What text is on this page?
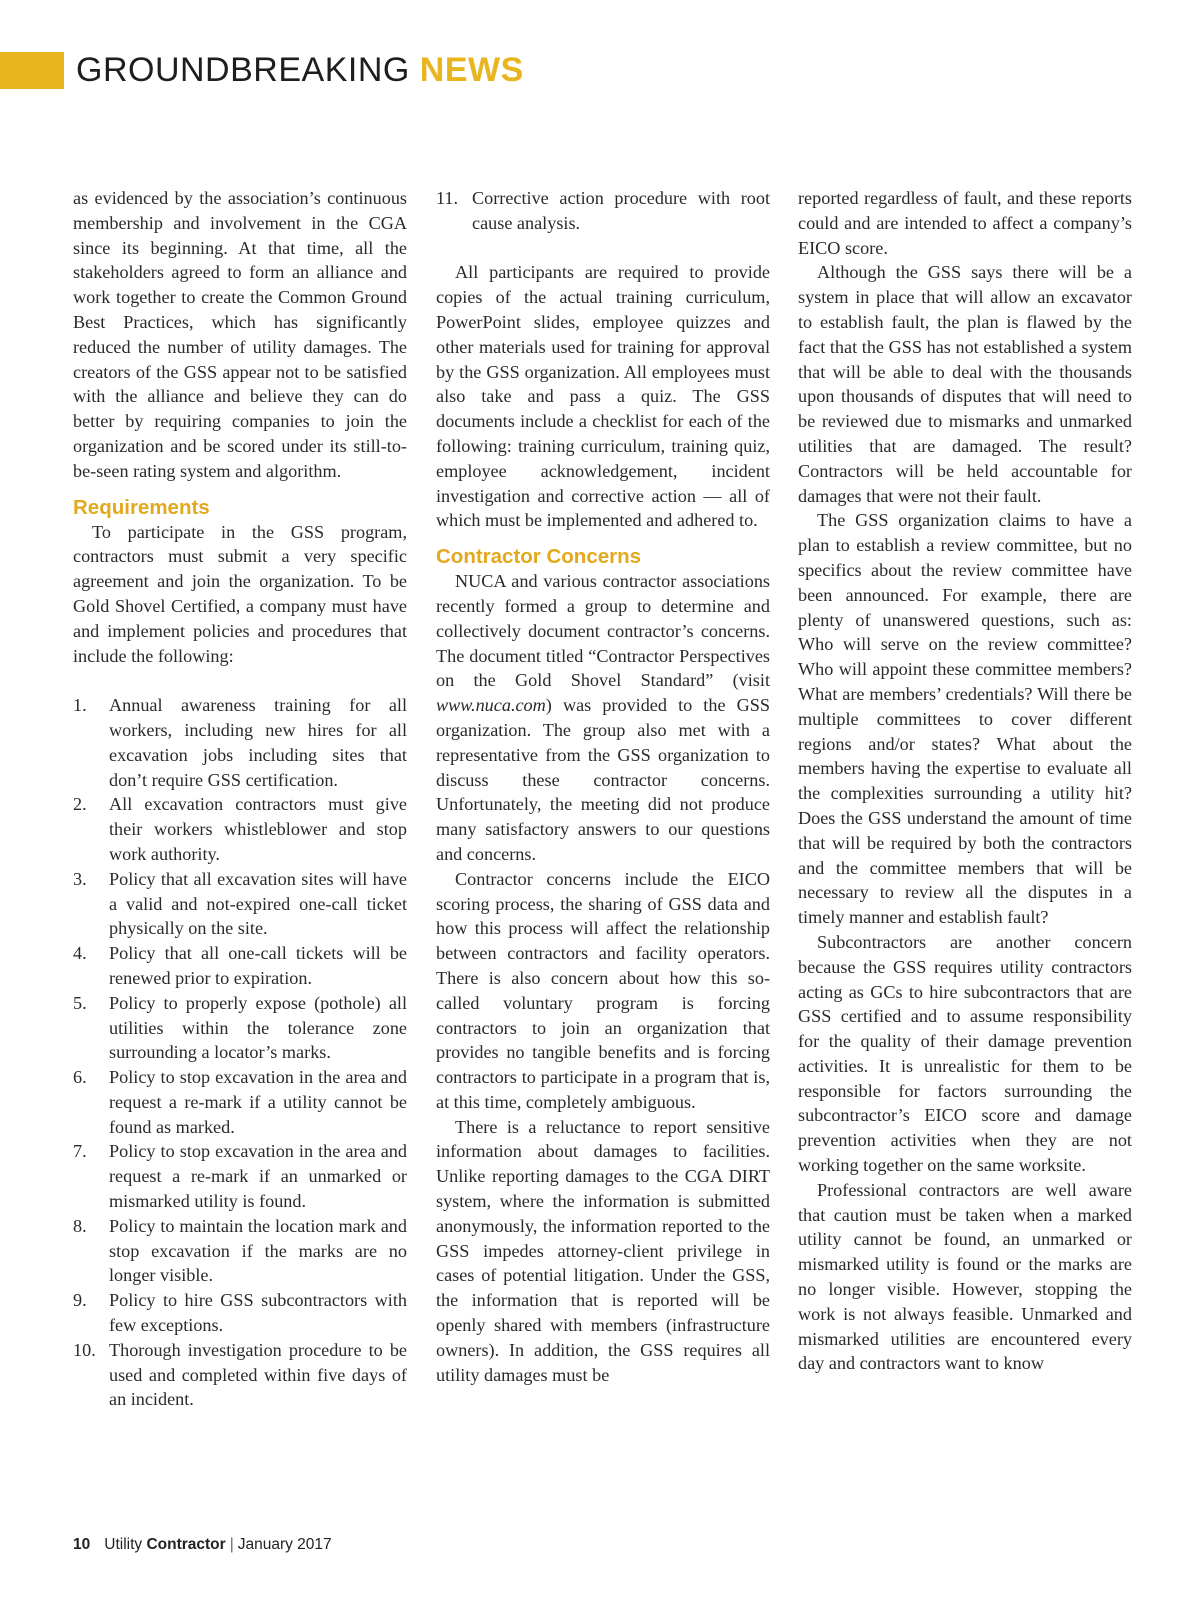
GROUNDBREAKING NEWS

as evidenced by the association’s continuous membership and involvement in the CGA since its beginning. At that time, all the stakeholders agreed to form an alliance and work together to create the Common Ground Best Practices, which has significantly reduced the number of utility damages. The creators of the GSS appear not to be satisfied with the alliance and believe they can do better by requiring companies to join the organization and be scored under its still-to-be-seen rating system and algorithm.

Requirements

To participate in the GSS program, contractors must submit a very specific agreement and join the organization. To be Gold Shovel Certified, a company must have and implement policies and procedures that include the following:

1. Annual awareness training for all workers, including new hires for all excavation jobs including sites that don’t require GSS certification.
2. All excavation contractors must give their workers whistleblower and stop work authority.
3. Policy that all excavation sites will have a valid and not-expired one-call ticket physically on the site.
4. Policy that all one-call tickets will be renewed prior to expiration.
5. Policy to properly expose (pothole) all utilities within the tolerance zone surrounding a locator’s marks.
6. Policy to stop excavation in the area and request a re-mark if a utility cannot be found as marked.
7. Policy to stop excavation in the area and request a re-mark if an unmarked or mismarked utility is found.
8. Policy to maintain the location mark and stop excavation if the marks are no longer visible.
9. Policy to hire GSS subcontractors with few exceptions.
10. Thorough investigation procedure to be used and completed within five days of an incident.
11. Corrective action procedure with root cause analysis.

All participants are required to provide copies of the actual training curriculum, PowerPoint slides, employee quizzes and other materials used for training for approval by the GSS organization. All employees must also take and pass a quiz. The GSS documents include a checklist for each of the following: training curriculum, training quiz, employee acknowledgement, incident investigation and corrective action — all of which must be implemented and adhered to.

Contractor Concerns

NUCA and various contractor associations recently formed a group to determine and collectively document contractor’s concerns. The document titled “Contractor Perspectives on the Gold Shovel Standard” (visit www.nuca.com) was provided to the GSS organization. The group also met with a representative from the GSS organization to discuss these contractor concerns. Unfortunately, the meeting did not produce many satisfactory answers to our questions and concerns.

Contractor concerns include the EICO scoring process, the sharing of GSS data and how this process will affect the relationship between contractors and facility operators. There is also concern about how this so-called voluntary program is forcing contractors to join an organization that provides no tangible benefits and is forcing contractors to participate in a program that is, at this time, completely ambiguous.

There is a reluctance to report sensitive information about damages to facilities. Unlike reporting damages to the CGA DIRT system, where the information is submitted anonymously, the information reported to the GSS impedes attorney-client privilege in cases of potential litigation. Under the GSS, the information that is reported will be openly shared with members (infrastructure owners). In addition, the GSS requires all utility damages must be

reported regardless of fault, and these reports could and are intended to affect a company’s EICO score.

Although the GSS says there will be a system in place that will allow an excavator to establish fault, the plan is flawed by the fact that the GSS has not established a system that will be able to deal with the thousands upon thousands of disputes that will need to be reviewed due to mismarks and unmarked utilities that are damaged. The result? Contractors will be held accountable for damages that were not their fault.

The GSS organization claims to have a plan to establish a review committee, but no specifics about the review committee have been announced. For example, there are plenty of unanswered questions, such as: Who will serve on the review committee? Who will appoint these committee members? What are members’ credentials? Will there be multiple committees to cover different regions and/or states? What about the members having the expertise to evaluate all the complexities surrounding a utility hit? Does the GSS understand the amount of time that will be required by both the contractors and the committee members that will be necessary to review all the disputes in a timely manner and establish fault?

Subcontractors are another concern because the GSS requires utility contractors acting as GCs to hire subcontractors that are GSS certified and to assume responsibility for the quality of their damage prevention activities. It is unrealistic for them to be responsible for factors surrounding the subcontractor’s EICO score and damage prevention activities when they are not working together on the same worksite.

Professional contractors are well aware that caution must be taken when a marked utility cannot be found, an unmarked or mismarked utility is found or the marks are no longer visible. However, stopping the work is not always feasible. Unmarked and mismarked utilities are encountered every day and contractors want to know

10 Utility Contractor | January 2017
